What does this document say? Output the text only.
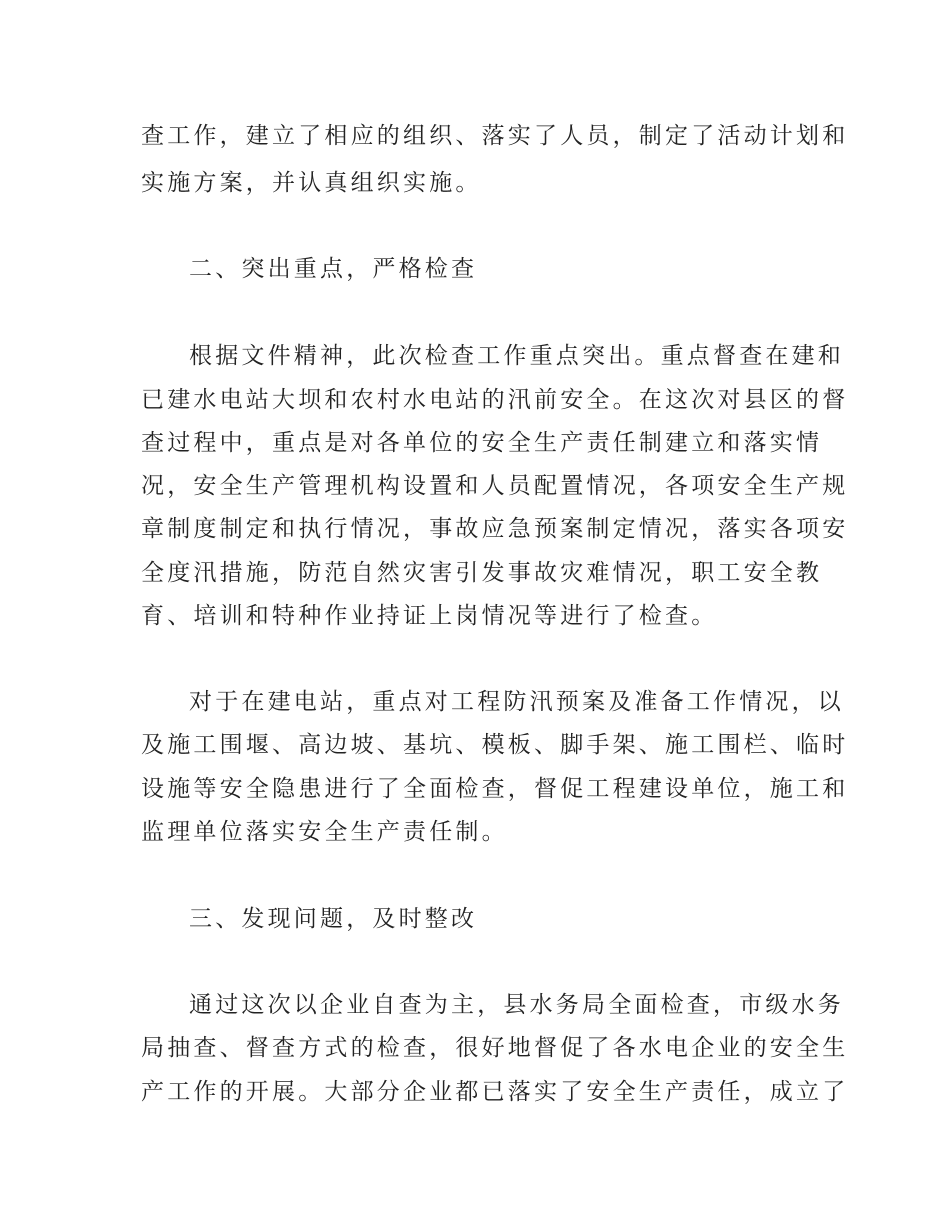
查工作，建立了相应的组织、落实了人员，制定了活动计划和
实施方案，并认真组织实施。
二、突出重点，严格检查
根据文件精神，此次检查工作重点突出。重点督查在建和
已建水电站大坝和农村水电站的汛前安全。在这次对县区的督
查过程中，重点是对各单位的安全生产责任制建立和落实情
况，安全生产管理机构设置和人员配置情况，各项安全生产规
章制度制定和执行情况，事故应急预案制定情况，落实各项安
全度汛措施，防范自然灾害引发事故灾难情况，职工安全教
育、培训和特种作业持证上岗情况等进行了检查。
对于在建电站，重点对工程防汛预案及准备工作情况，以
及施工围堰、高边坡、基坑、模板、脚手架、施工围栏、临时
设施等安全隐患进行了全面检查，督促工程建设单位，施工和
监理单位落实安全生产责任制。
三、发现问题，及时整改
通过这次以企业自查为主，县水务局全面检查，市级水务
局抽查、督查方式的检查，很好地督促了各水电企业的安全生
产工作的开展。大部分企业都已落实了安全生产责任，成立了
